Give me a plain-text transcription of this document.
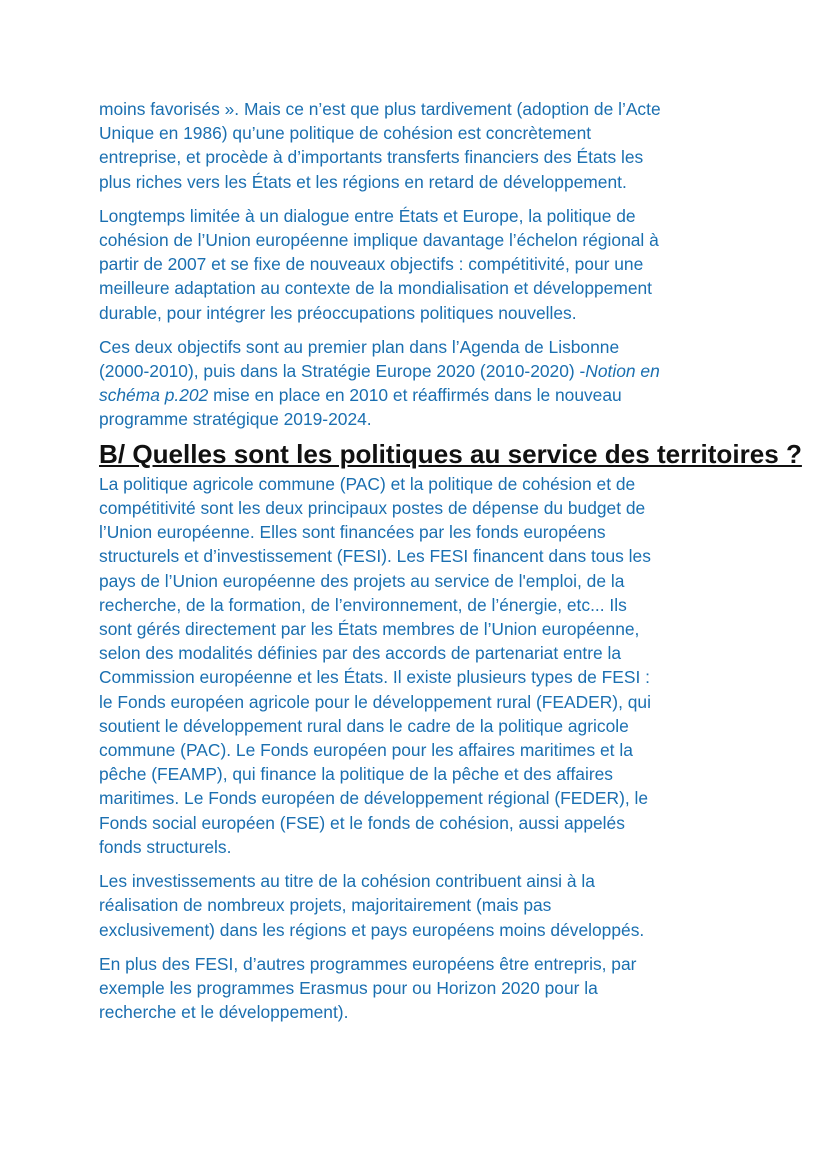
moins favorisés ». Mais ce n’est que plus tardivement (adoption de l’Acte
Unique en 1986) qu’une politique de cohésion est concrètement
entreprise, et procède à d’importants transferts financiers des États les
plus riches vers les États et les régions en retard de développement.

Longtemps limitée à un dialogue entre États et Europe, la politique de
cohésion de l’Union européenne implique davantage l’échelon régional à
partir de 2007 et se fixe de nouveaux objectifs : compétitivité, pour une
meilleure adaptation au contexte de la mondialisation et développement
durable, pour intégrer les préoccupations politiques nouvelles.

Ces deux objectifs sont au premier plan dans l’Agenda de Lisbonne
(2000-2010), puis dans la Stratégie Europe 2020 (2010-2020) -Notion en
schéma p.202 mise en place en 2010 et réaffirmés dans le nouveau
programme stratégique 2019-2024.

B/ Quelles sont les politiques au service des territoires ?

La politique agricole commune (PAC) et la politique de cohésion et de
compétitivité sont les deux principaux postes de dépense du budget de
l’Union européenne. Elles sont financées par les fonds européens
structurels et d’investissement (FESI). Les FESI financent dans tous les
pays de l’Union européenne des projets au service de l'emploi, de la
recherche, de la formation, de l’environnement, de l’énergie, etc... Ils
sont gérés directement par les États membres de l’Union européenne,
selon des modalités définies par des accords de partenariat entre la
Commission européenne et les États. Il existe plusieurs types de FESI :
le Fonds européen agricole pour le développement rural (FEADER), qui
soutient le développement rural dans le cadre de la politique agricole
commune (PAC). Le Fonds européen pour les affaires maritimes et la
pêche (FEAMP), qui finance la politique de la pêche et des affaires
maritimes. Le Fonds européen de développement régional (FEDER), le
Fonds social européen (FSE) et le fonds de cohésion, aussi appelés
fonds structurels.

Les investissements au titre de la cohésion contribuent ainsi à la
réalisation de nombreux projets, majoritairement (mais pas
exclusivement) dans les régions et pays européens moins développés.

En plus des FESI, d’autres programmes européens être entrepris, par
exemple les programmes Erasmus pour ou Horizon 2020 pour la
recherche et le développement).
